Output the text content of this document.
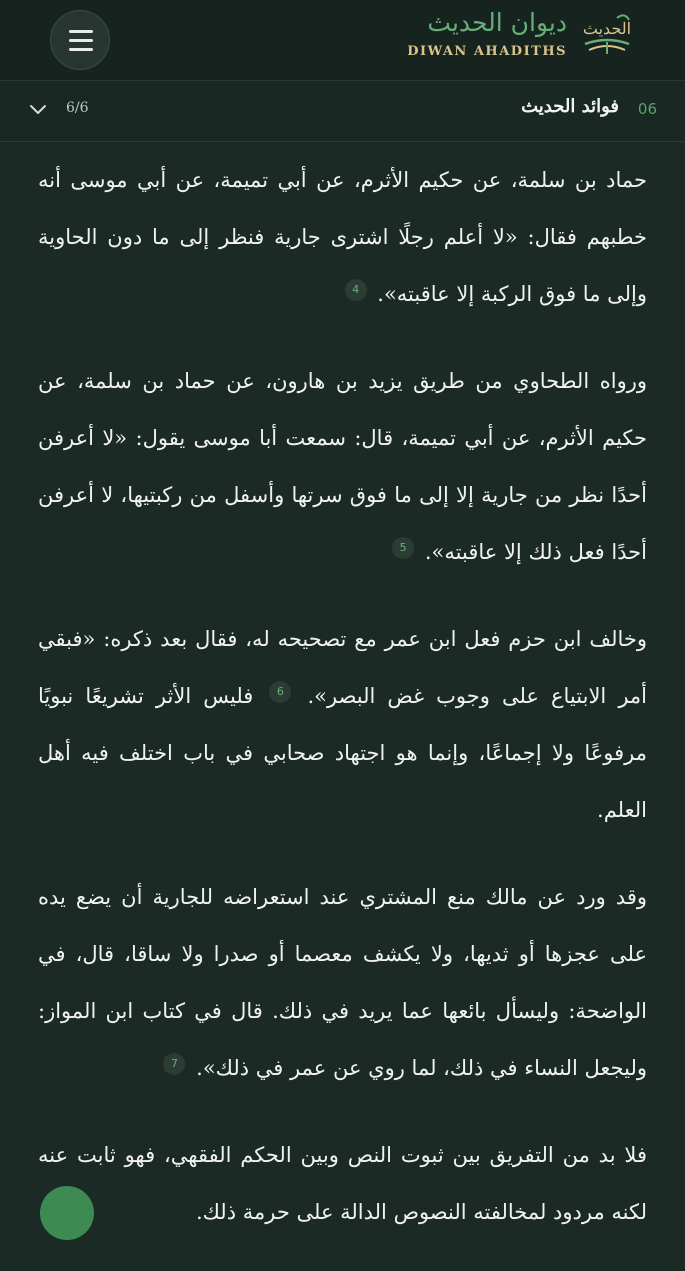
ديوان الحديث
DIWAN AHADITHS
الحديث
6/6	06
فوائد الحديث

حماد بن سلمة، عن حكيم الأثرم، عن أبي تميمة، عن أبي موسى أنه خطبهم فقال: «لا أعلم رجلًا اشترى جارية فنظر إلى ما دون الحاوية وإلى ما فوق الركبة إلا عاقبته». 4

ورواه الطحاوي من طريق يزيد بن هارون، عن حماد بن سلمة، عن حكيم الأثرم، عن أبي تميمة، قال: سمعت أبا موسى يقول: «لا أعرفن أحدًا نظر من جارية إلا إلى ما فوق سرتها وأسفل من ركبتيها، لا أعرفن أحدًا فعل ذلك إلا عاقبته». 5

وخالف ابن حزم فعل ابن عمر مع تصحيحه له، فقال بعد ذكره: «فبقي أمر الابتياع على وجوب غض البصر». 6 فليس الأثر تشريعًا نبويًا مرفوعًا ولا إجماعًا، وإنما هو اجتهاد صحابي في باب اختلف فيه أهل العلم.

وقد ورد عن مالك منع المشتري عند استعراضه للجارية أن يضع يده على عجزها أو ثديها، ولا يكشف معصما أو صدرا ولا ساقا، قال، في الواضحة: وليسأل بائعها عما يريد في ذلك. قال في كتاب ابن المواز: وليجعل النساء في ذلك، لما روي عن عمر في ذلك». 7

فلا بد من التفريق بين ثبوت النص وبين الحكم الفقهي، فهو ثابت عنه لكنه مردود لمخالفته النصوص الدالة على حرمة ذلك.
